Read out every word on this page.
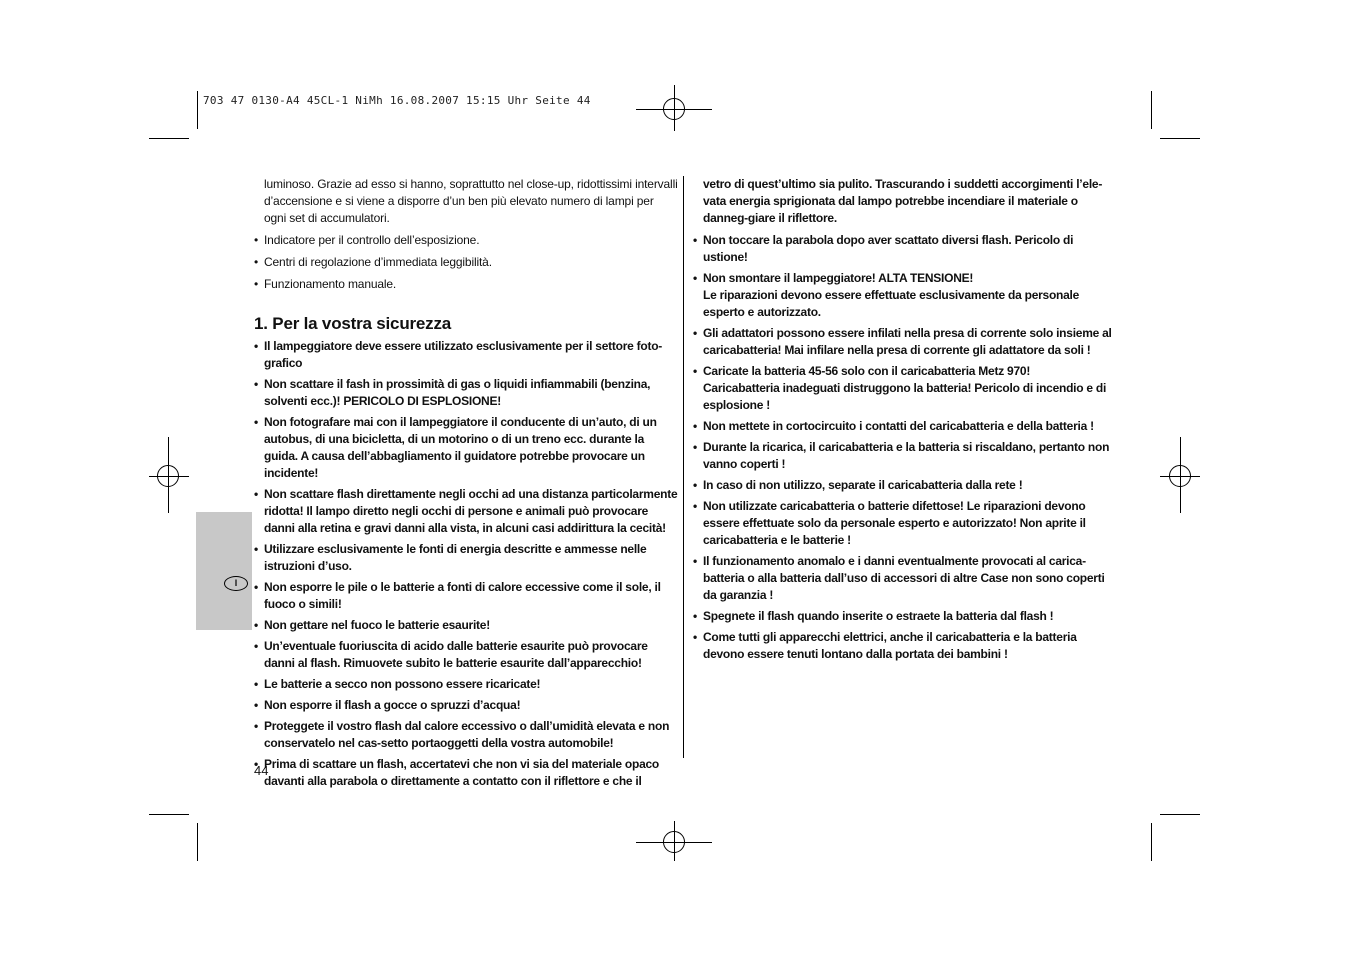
703 47 0130-A4 45CL-1 NiMh 16.08.2007 15:15 Uhr Seite 44
I

luminoso. Grazie ad esso si hanno, soprattutto nel close-up, ridottissimi intervalli d’accensione e si viene a disporre d’un ben più elevato numero di lampi per ogni set di accumulatori.

• Indicatore per il controllo dell’esposizione.
• Centri di regolazione d’immediata leggibilità.
• Funzionamento manuale.
1. Per la vostra sicurezza
• Il lampeggiatore deve essere utilizzato esclusivamente per il settore foto-grafico
• Non scattare il fash in prossimità di gas o liquidi infiammabili (benzina, solventi ecc.)! PERICOLO DI ESPLOSIONE!
• Non fotografare mai con il lampeggiatore il conducente di un’auto, di un autobus, di una bicicletta, di un motorino o di un treno ecc. durante la guida. A causa dell’abbagliamento il guidatore potrebbe provocare un incidente!
• Non scattare flash direttamente negli occhi ad una distanza particolarmente ridotta! Il lampo diretto negli occhi di persone e animali può provocare danni alla retina e gravi danni alla vista, in alcuni casi addirittura la cecità!
• Utilizzare esclusivamente le fonti di energia descritte e ammesse nelle istruzioni d’uso.
• Non esporre le pile o le batterie a fonti di calore eccessive come il sole, il fuoco o simili!
• Non gettare nel fuoco le batterie esaurite!
• Un’eventuale fuoriuscita di acido dalle batterie esaurite può provocare danni al flash. Rimuovete subito le batterie esaurite dall’apparecchio!
• Le batterie a secco non possono essere ricaricate!
• Non esporre il flash a gocce o spruzzi d’acqua!
• Proteggete il vostro flash dal calore eccessivo o dall’umidità elevata e non conservatelo nel cas-setto portaoggetti della vostra automobile!
• Prima di scattare un flash, accertatevi che non vi sia del materiale opaco davanti alla parabola o direttamente a contatto con il riflettore e che il

vetro di quest’ultimo sia pulito. Trascurando i suddetti accorgimenti l’ele-vata energia sprigionata dal lampo potrebbe incendiare il materiale o danneg-giare il riflettore.

• Non toccare la parabola dopo aver scattato diversi flash. Pericolo di ustione!
• Non smontare il lampeggiatore! ALTA TENSIONE!
Le riparazioni devono essere effettuate esclusivamente da personale esperto e autorizzato.
• Gli adattatori possono essere infilati nella presa di corrente solo insieme al caricabatteria! Mai infilare nella presa di corrente gli adattatore da soli !
• Caricate la batteria 45-56 solo con il caricabatteria Metz 970!
Caricabatteria inadeguati distruggono la batteria! Pericolo di incendio e di esplosione !
• Non mettete in cortocircuito i contatti del caricabatteria e della batteria !
• Durante la ricarica, il caricabatteria e la batteria si riscaldano, pertanto non vanno coperti !
• In caso di non utilizzo, separate il caricabatteria dalla rete !
• Non utilizzate caricabatteria o batterie difettose! Le riparazioni devono essere effettuate solo da personale esperto e autorizzato! Non aprite il caricabatteria e le batterie !
• Il funzionamento anomalo e i danni eventualmente provocati al carica-batteria o alla batteria dall’uso di accessori di altre Case non sono coperti da garanzia !
• Spegnete il flash quando inserite o estraete la batteria dal flash !
• Come tutti gli apparecchi elettrici, anche il caricabatteria e la batteria devono essere tenuti lontano dalla portata dei bambini !
44
